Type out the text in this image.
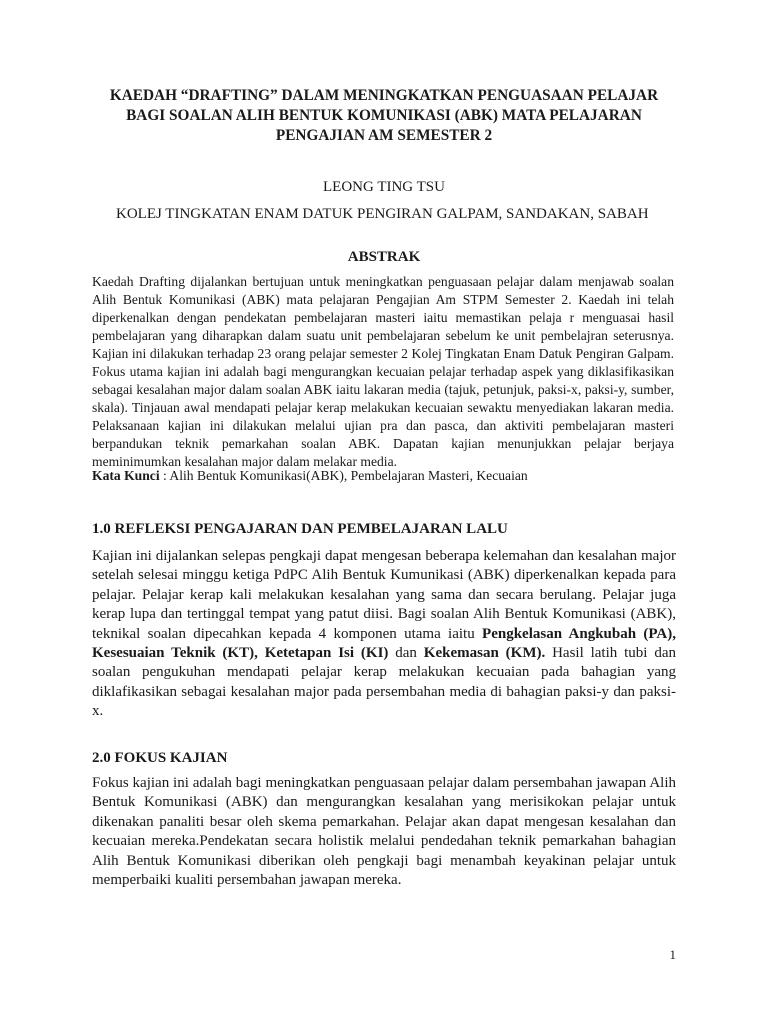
KAEDAH “DRAFTING” DALAM MENINGKATKAN PENGUASAAN PELAJAR
BAGI SOALAN ALIH BENTUK KOMUNIKASI (ABK) MATA PELAJARAN
PENGAJIAN AM SEMESTER 2
LEONG TING TSU
KOLEJ TINGKATAN ENAM DATUK PENGIRAN GALPAM, SANDAKAN, SABAH
ABSTRAK
Kaedah Drafting dijalankan bertujuan untuk meningkatkan penguasaan pelajar dalam menjawab soalan Alih Bentuk Komunikasi (ABK) mata pelajaran Pengajian Am STPM Semester 2. Kaedah ini telah diperkenalkan dengan pendekatan pembelajaran masteri iaitu memastikan pelaja r menguasai hasil pembelajaran yang diharapkan dalam suatu unit pembelajaran sebelum ke unit pembelajran seterusnya. Kajian ini dilakukan terhadap 23 orang pelajar semester 2 Kolej Tingkatan Enam Datuk Pengiran Galpam. Fokus utama kajian ini adalah bagi mengurangkan kecuaian pelajar terhadap aspek yang diklasifikasikan sebagai kesalahan major dalam soalan ABK iaitu lakaran media (tajuk, petunjuk, paksi-x, paksi-y, sumber, skala). Tinjauan awal mendapati pelajar kerap melakukan kecuaian sewaktu menyediakan lakaran media. Pelaksanaan kajian ini dilakukan melalui ujian pra dan pasca, dan aktiviti pembelajaran masteri berpandukan teknik pemarkahan soalan ABK. Dapatan kajian menunjukkan pelajar berjaya meminimumkan kesalahan major dalam melakar media.
Kata Kunci : Alih Bentuk Komunikasi(ABK), Pembelajaran Masteri, Kecuaian
1.0 REFLEKSI PENGAJARAN DAN PEMBELAJARAN LALU
Kajian ini dijalankan selepas pengkaji dapat mengesan beberapa kelemahan dan kesalahan major setelah selesai minggu ketiga PdPC Alih Bentuk Kumunikasi (ABK) diperkenalkan kepada para pelajar. Pelajar kerap kali melakukan kesalahan yang sama dan secara berulang. Pelajar juga kerap lupa dan tertinggal tempat yang patut diisi. Bagi soalan Alih Bentuk Komunikasi (ABK), teknikal soalan dipecahkan kepada 4 komponen utama iaitu Pengkelasan Angkubah (PA), Kesesuaian Teknik (KT), Ketetapan Isi (KI) dan Kekemasan (KM). Hasil latih tubi dan soalan pengukuhan mendapati pelajar kerap melakukan kecuaian pada bahagian yang diklafikasikan sebagai kesalahan major pada persembahan media di bahagian paksi-y dan paksi-x.
2.0 FOKUS KAJIAN
Fokus kajian ini adalah bagi meningkatkan penguasaan pelajar dalam persembahan jawapan Alih Bentuk Komunikasi (ABK) dan mengurangkan kesalahan yang merisikokan pelajar untuk dikenakan panaliti besar oleh skema pemarkahan. Pelajar akan dapat mengesan kesalahan dan kecuaian mereka.Pendekatan secara holistik melalui pendedahan teknik pemarkahan bahagian Alih Bentuk Komunikasi diberikan oleh pengkaji bagi menambah keyakinan pelajar untuk memperbaiki kualiti persembahan jawapan mereka.
1
